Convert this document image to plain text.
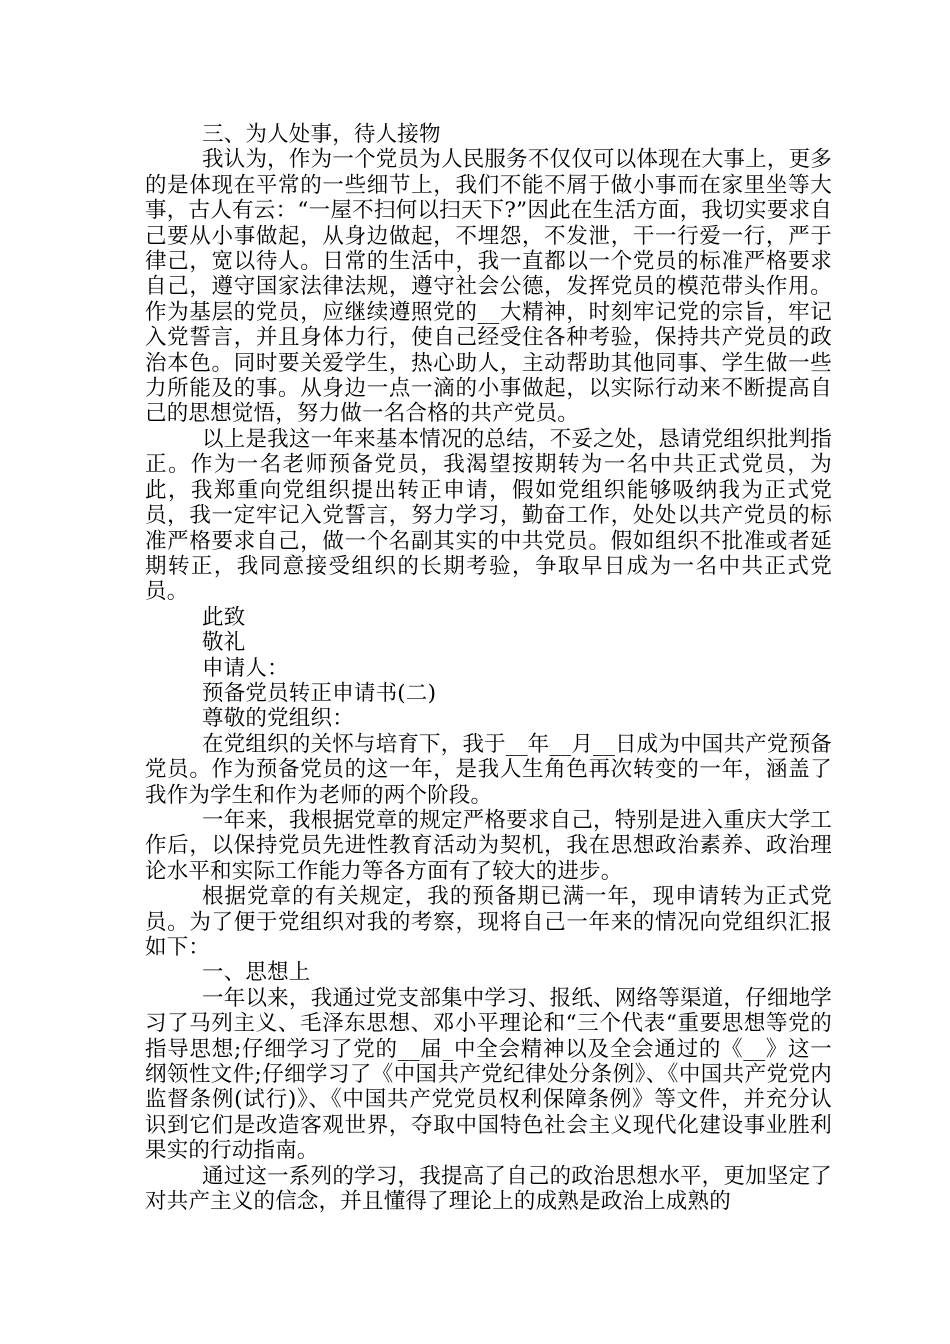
三、为人处事，待人接物

我认为，作为一个党员为人民服务不仅仅可以体现在大事上，更多的是体现在平常的一些细节上，我们不能不屑于做小事而在家里坐等大事，古人有云：“一屋不扫何以扫天下?”因此在生活方面，我切实要求自己要从小事做起，从身边做起，不埋怨，不发泄，干一行爱一行，严于律己，宽以待人。日常的生活中，我一直都以一个党员的标准严格要求自己，遵守国家法律法规，遵守社会公德，发挥党员的模范带头作用。作为基层的党员，应继续遵照党的__大精神，时刻牢记党的宗旨，牢记入党誓言，并且身体力行，使自己经受住各种考验，保持共产党员的政治本色。同时要关爱学生，热心助人，主动帮助其他同事、学生做一些力所能及的事。从身边一点一滴的小事做起，以实际行动来不断提高自己的思想觉悟，努力做一名合格的共产党员。

以上是我这一年来基本情况的总结，不妥之处，恳请党组织批判指正。作为一名老师预备党员，我渴望按期转为一名中共正式党员，为此，我郑重向党组织提出转正申请，假如党组织能够吸纳我为正式党员，我一定牢记入党誓言，努力学习，勤奋工作，处处以共产党员的标准严格要求自己，做一个名副其实的中共党员。假如组织不批准或者延期转正，我同意接受组织的长期考验，争取早日成为一名中共正式党员。

此致

敬礼

申请人：

预备党员转正申请书(二)

尊敬的党组织：

在党组织的关怀与培育下，我于__年__月__日成为中国共产党预备党员。作为预备党员的这一年，是我人生角色再次转变的一年，涵盖了我作为学生和作为老师的两个阶段。

一年来，我根据党章的规定严格要求自己，特别是进入重庆大学工作后，以保持党员先进性教育活动为契机，我在思想政治素养、政治理论水平和实际工作能力等各方面有了较大的进步。

根据党章的有关规定，我的预备期已满一年，现申请转为正式党员。为了便于党组织对我的考察，现将自己一年来的情况向党组织汇报如下：

一、思想上

一年以来，我通过党支部集中学习、报纸、网络等渠道，仔细地学习了马列主义、毛泽东思想、邓小平理论和“三个代表“重要思想等党的指导思想;仔细学习了党的__届_中全会精神以及全会通过的《__》这一纲领性文件;仔细学习了《中国共产党纪律处分条例》、《中国共产党党内监督条例(试行)》、《中国共产党党员权利保障条例》等文件，并充分认识到它们是改造客观世界，夺取中国特色社会主义现代化建设事业胜利果实的行动指南。

通过这一系列的学习，我提高了自己的政治思想水平，更加坚定了对共产主义的信念，并且懂得了理论上的成熟是政治上成熟的
